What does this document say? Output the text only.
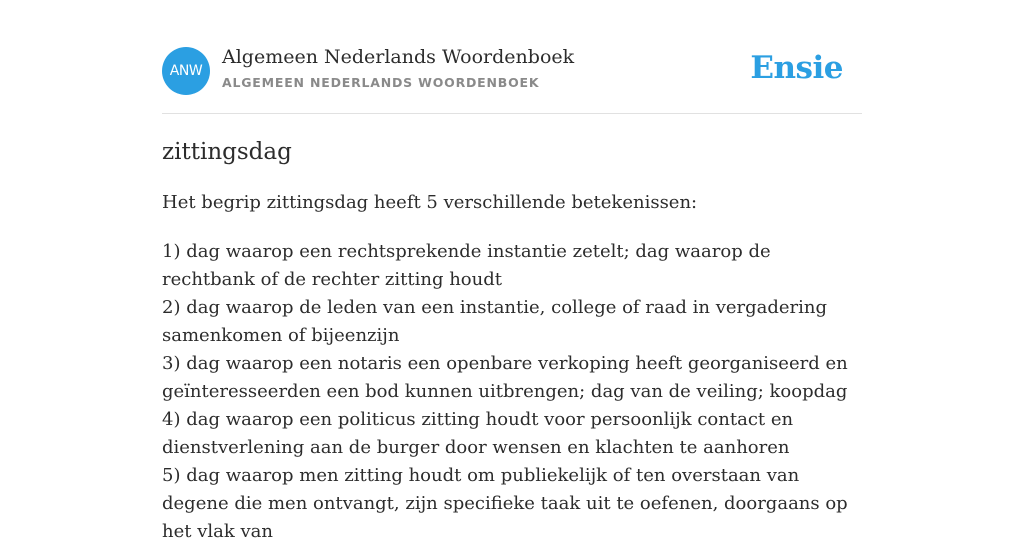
ANW
Algemeen Nederlands Woordenboek
ALGEMEEN NEDERLANDS WOORDENBOEK	Ensie
zittingsdag

Het begrip zittingsdag heeft 5 verschillende betekenissen:

1) dag waarop een rechtsprekende instantie zetelt; dag waarop de rechtbank of de rechter zitting houdt
2) dag waarop de leden van een instantie, college of raad in vergadering samenkomen of bijeenzijn
3) dag waarop een notaris een openbare verkoping heeft georganiseerd en geïnteresseerden een bod kunnen uitbrengen; dag van de veiling; koopdag
4) dag waarop een politicus zitting houdt voor persoonlijk contact en dienstverlening aan de burger door wensen en klachten te aanhoren
5) dag waarop men zitting houdt om publiekelijk of ten overstaan van degene die men ontvangt, zijn specifieke taak uit te oefenen, doorgaans op het vlak van
